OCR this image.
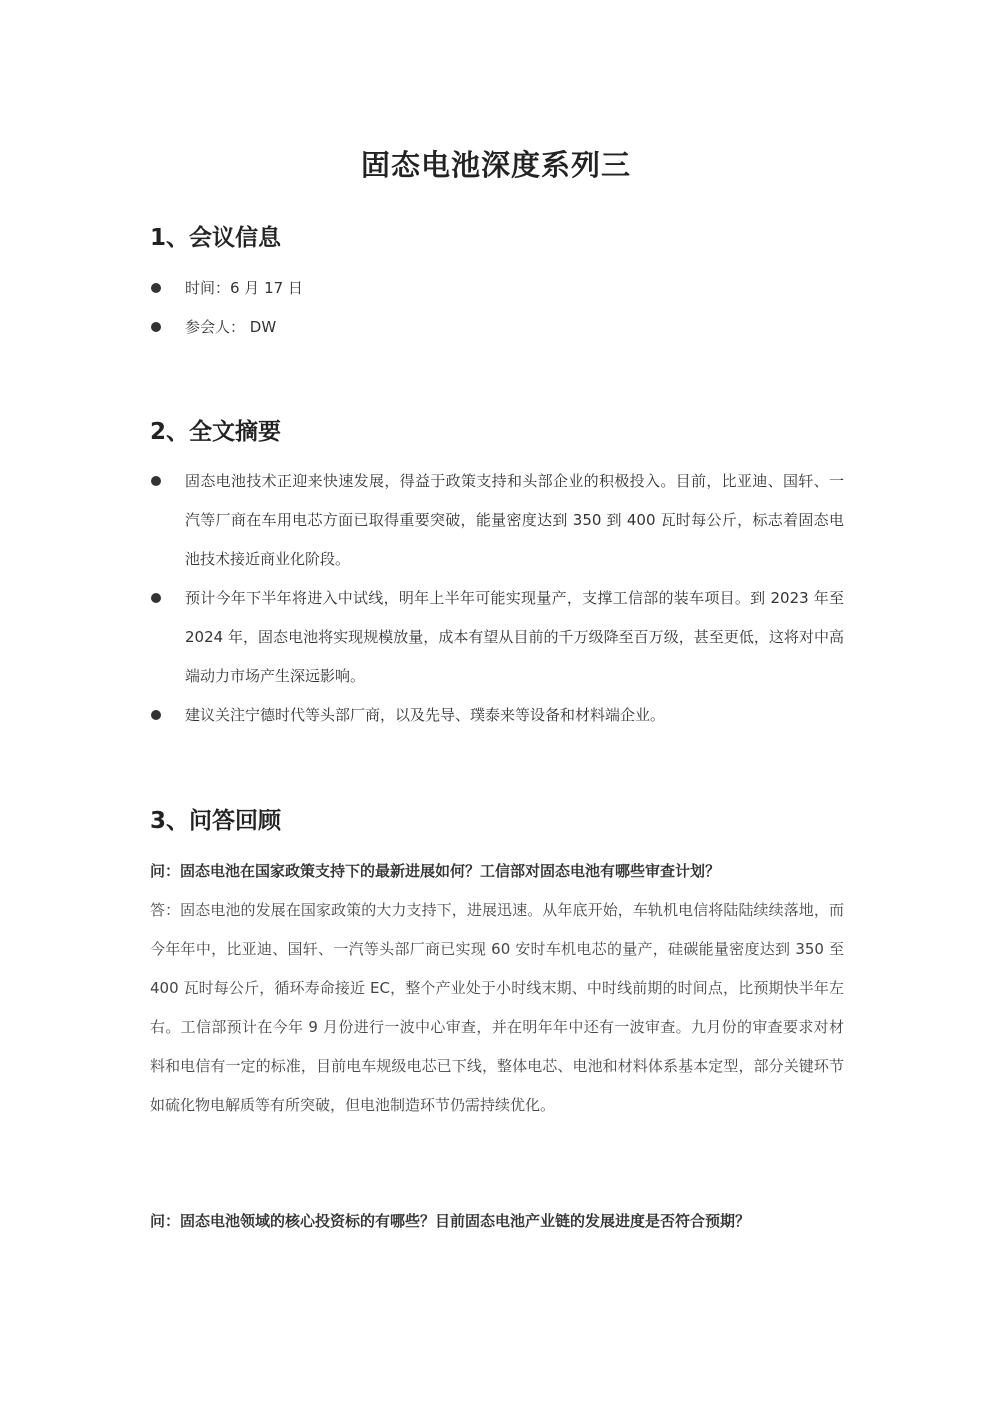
固态电池深度系列三
1、会议信息
时间：6 月 17 日
参会人： DW
2、全文摘要
固态电池技术正迎来快速发展，得益于政策支持和头部企业的积极投入。目前，比亚迪、国轩、一汽等厂商在车用电芯方面已取得重要突破，能量密度达到 350 到 400 瓦时每公斤，标志着固态电池技术接近商业化阶段。
预计今年下半年将进入中试线，明年上半年可能实现量产，支撑工信部的装车项目。到 2023 年至 2024 年，固态电池将实现规模放量，成本有望从目前的千万级降至百万级，甚至更低，这将对中高端动力市场产生深远影响。
建议关注宁德时代等头部厂商，以及先导、璞泰来等设备和材料端企业。
3、问答回顾

问：固态电池在国家政策支持下的最新进展如何？工信部对固态电池有哪些审查计划？

答：固态电池的发展在国家政策的大力支持下，进展迅速。从年底开始，车轨机电信将陆陆续续落地，而今年年中，比亚迪、国轩、一汽等头部厂商已实现 60 安时车机电芯的量产，硅碳能量密度达到 350 至 400 瓦时每公斤，循环寿命接近 EC，整个产业处于小时线末期、中时线前期的时间点，比预期快半年左右。工信部预计在今年 9 月份进行一波中心审查，并在明年年中还有一波审查。九月份的审查要求对材料和电信有一定的标准，目前电车规级电芯已下线，整体电芯、电池和材料体系基本定型，部分关键环节如硫化物电解质等有所突破，但电池制造环节仍需持续优化。

问：固态电池领域的核心投资标的有哪些？目前固态电池产业链的发展进度是否符合预期？
